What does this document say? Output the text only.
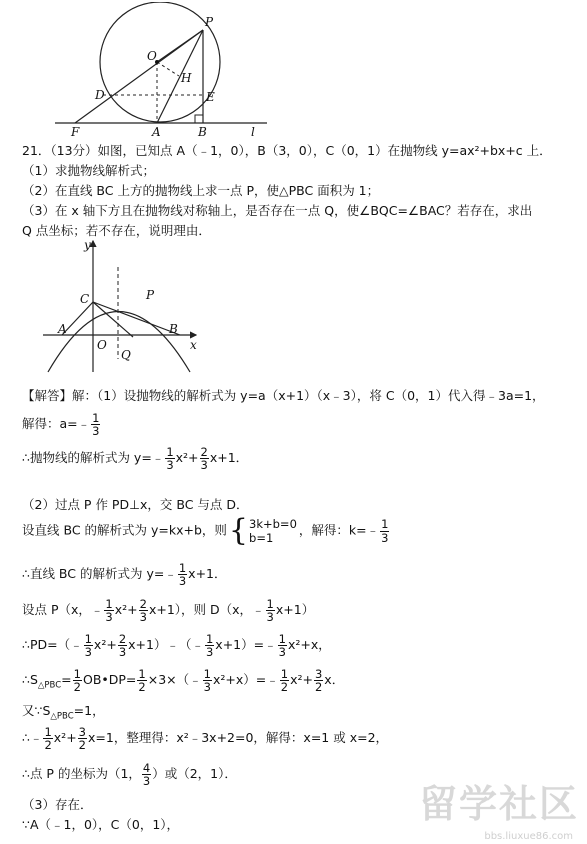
O
P
H
D	E
F	A	B	l
21．（13分）如图，已知点 A（﹣1，0），B（3，0），C（0，1）在抛物线 y=ax²+bx+c 上．
（1）求抛物线解析式；
（2）在直线 BC 上方的抛物线上求一点 P，使△PBC 面积为 1；
（3）在 x 轴下方且在抛物线对称轴上，是否存在一点 Q，使∠BQC=∠BAC？若存在，求出
Q 点坐标；若不存在，说明理由．
y
C	P
A
O
B
Q
x
【解答】解：（1）设抛物线的解析式为 y=a（x+1）（x﹣3），将 C（0，1）代入得﹣3a=1，
解得：a=﹣ $\frac{1}{3}$
∴抛物线的解析式为 y=﹣ $\frac{1}{3} x^2+ \frac{2}{3} x+1$．
（2）过点 P 作 PD⊥x，交 BC 与点 D．
设直线 BC 的解析式为 y=kx+b，则 { 3k+b=0
b=1
，解得：k=﹣ $\frac{1}{3}$
∴直线 BC 的解析式为 y=﹣ $\frac{1}{3} x+1$．
设点 P（x，﹣ $\frac{1}{3} x^2+ \frac{2}{3} x+1$），则 D（x，﹣ $\frac{1}{3} x+1$）
∴PD=（﹣ $\frac{1}{3} x^2+ \frac{2}{3}$ x+1）﹣（﹣ $\frac{1}{3}$ x+1）=﹣ $\frac{1}{3} x^2+x$，
$\therefore S_{\triangle PBC}= \frac{1}{2}$ OB•DP= $\frac{1}{2}$ ×3×（﹣ $\frac{1}{3}$ x²+x）=﹣ $\frac{1}{2} x^2+ \frac{3}{2}$ x．
又$\because S_{\triangle PBC}=1$，
∴﹣ $\frac{1}{2} x^2+ \frac{3}{2} x=1$，整理得：x²﹣3x+2=0，解得：x=1 或 x=2，
∴点 P 的坐标为（1， $\frac{4}{3}$ ）或（2，1）．
（3）存在．
∵A（﹣1，0），C（0，1），	留学社区
bbs.liuxue86.com
